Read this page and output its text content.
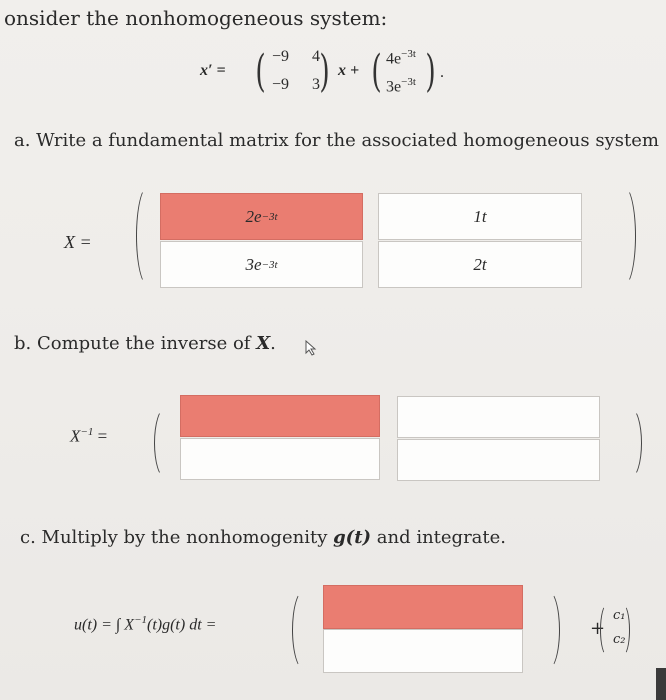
onsider the nonhomogeneous system:
x′ = ( −9 4
−9 3 ) x + ( $4e^{-3t}$
$3e^{-3t}$ ) .
a. Write a fundamental matrix for the associated homogeneous system
X =
2e −3t	1t
3e −3t	2t
b. Compute the inverse of X.
$X^{-1}$ =
c. Multiply by the nonhomogenity g(t) and integrate.
u(t) = ∫ $X^{-1}(t)g(t)$ dt =	+
c₁
c₂
